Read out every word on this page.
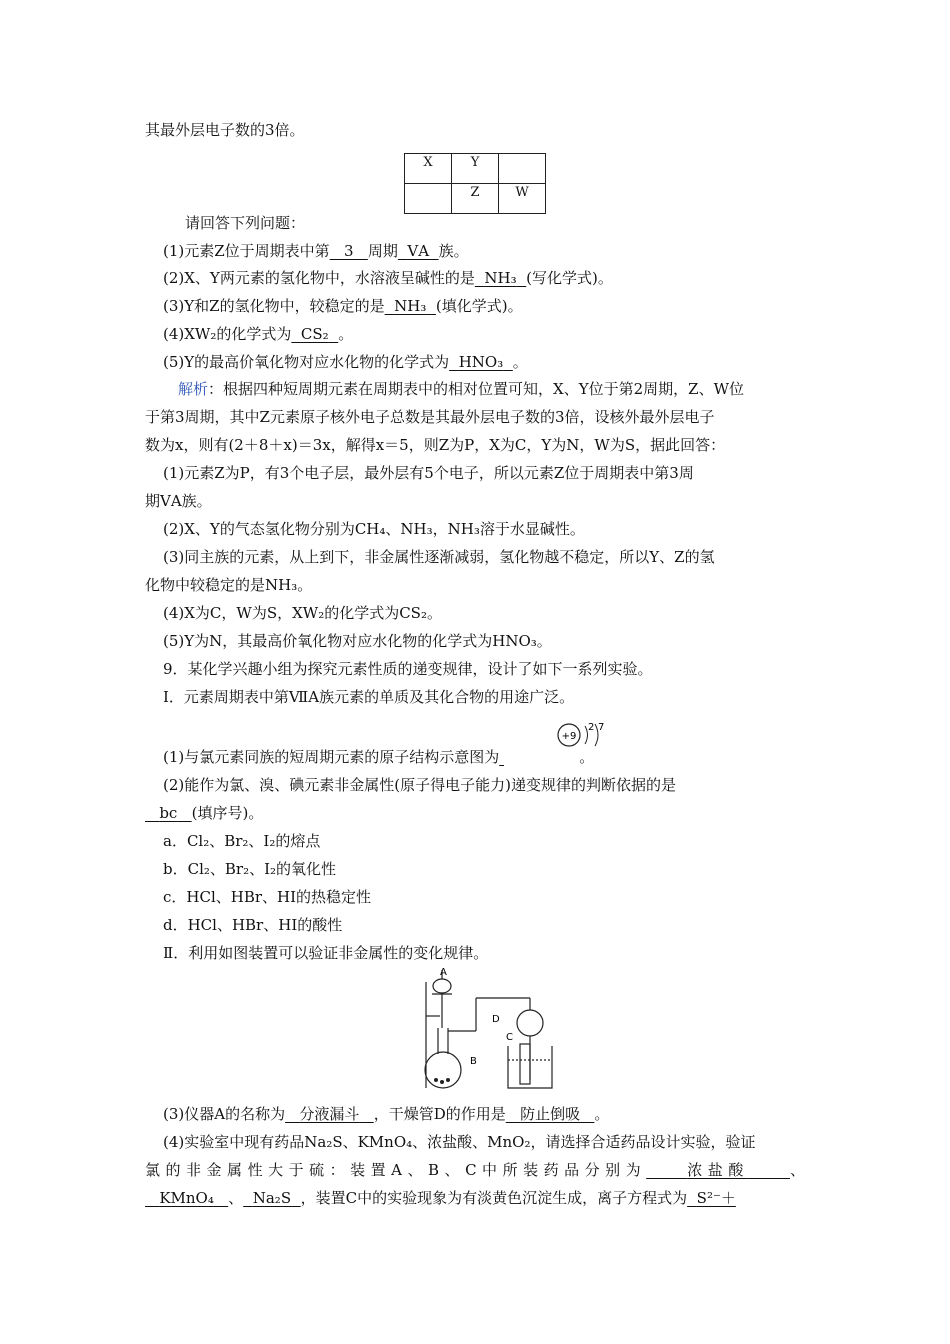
其最外层电子数的3倍。
X	Y	
	Z	W
请回答下列问题：
(1)元素Z位于周期表中第 3 周期 ⅤA 族。
(2)X、Y两元素的氢化物中，水溶液呈碱性的是 NH₃ (写化学式)。
(3)Y和Z的氢化物中，较稳定的是 NH₃ (填化学式)。
(4)XW₂的化学式为 CS₂ 。
(5)Y的最高价氧化物对应水化物的化学式为 HNO₃ 。
解析：根据四种短周期元素在周期表中的相对位置可知，X、Y位于第2周期，Z、W位
于第3周期，其中Z元素原子核外电子总数是其最外层电子数的3倍，设核外最外层电子
数为x，则有(2＋8＋x)＝3x，解得x＝5，则Z为P，X为C，Y为N，W为S，据此回答：
(1)元素Z为P，有3个电子层，最外层有5个电子，所以元素Z位于周期表中第3周
期ⅤA族。
(2)X、Y的气态氢化物分别为CH₄、NH₃，NH₃溶于水显碱性。
(3)同主族的元素，从上到下，非金属性逐渐减弱，氢化物越不稳定，所以Y、Z的氢
化物中较稳定的是NH₃。
(4)X为C，W为S，XW₂的化学式为CS₂。
(5)Y为N，其最高价氧化物对应水化物的化学式为HNO₃。
9．某化学兴趣小组为探究元素性质的递变规律，设计了如下一系列实验。
Ⅰ．元素周期表中第ⅦA族元素的单质及其化合物的用途广泛。
(1)与氯元素同族的短周期元素的原子结构示意图为	。
+9
2 7
(2)能作为氯、溴、碘元素非金属性(原子得电子能力)递变规律的判断依据的是
bc (填序号)。
a．Cl₂、Br₂、I₂的熔点
b．Cl₂、Br₂、I₂的氧化性
c．HCl、HBr、HI的热稳定性
d．HCl、HBr、HI的酸性
Ⅱ．利用如图装置可以验证非金属性的变化规律。
A
B
C
D
(3)仪器A的名称为 分液漏斗 ，干燥管D的作用是 防止倒吸 。
(4)实验室中现有药品Na₂S、KMnO₄、浓盐酸、MnO₂，请选择合适药品设计实验，验证
氯的非金属性大于硫：装置A、B、C中所装药品分别为	浓盐酸	、
KMnO₄ 、 Na₂S ，装置C中的实验现象为有淡黄色沉淀生成，离子方程式为 S²⁻＋
